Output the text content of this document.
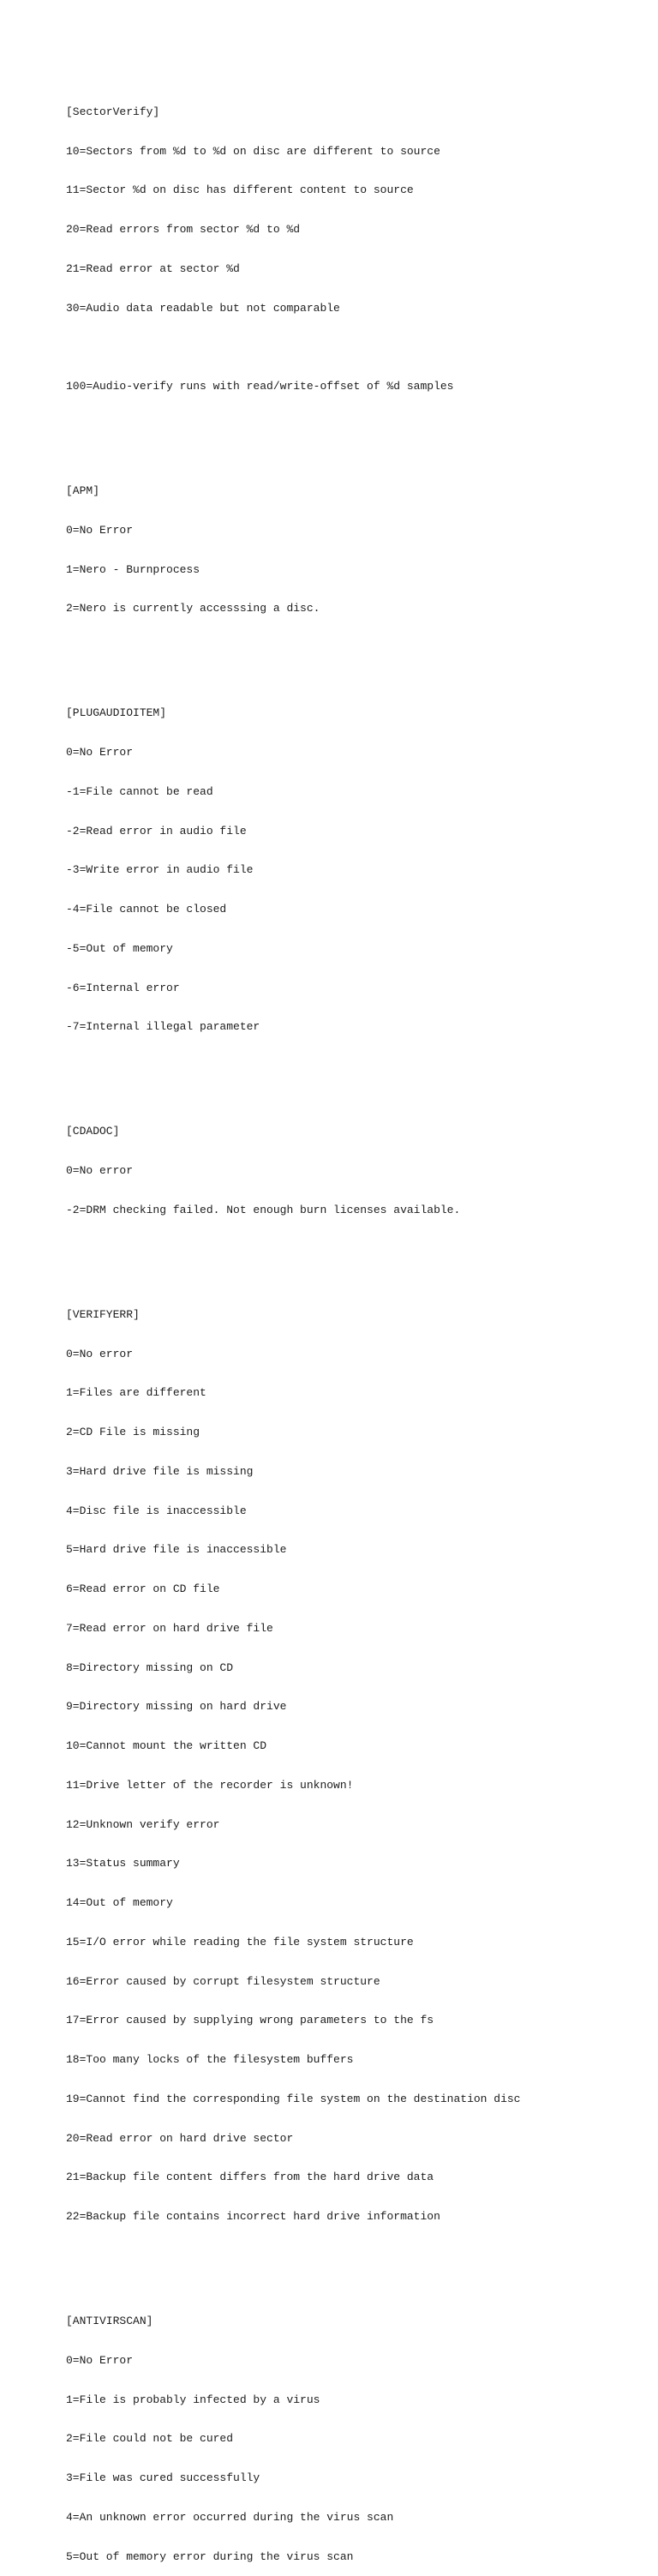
[SectorVerify]

10=Sectors from %d to %d on disc are different to source

11=Sector %d on disc has different content to source

20=Read errors from sector %d to %d

21=Read error at sector %d

30=Audio data readable but not comparable

100=Audio-verify runs with read/write-offset of %d samples

[APM]

0=No Error

1=Nero - Burnprocess

2=Nero is currently accesssing a disc.

[PLUGAUDIOITEM]

0=No Error

-1=File cannot be read

-2=Read error in audio file

-3=Write error in audio file

-4=File cannot be closed

-5=Out of memory

-6=Internal error

-7=Internal illegal parameter

[CDADOC]

0=No error

-2=DRM checking failed. Not enough burn licenses available.

[VERIFYERR]

0=No error

1=Files are different

2=CD File is missing

3=Hard drive file is missing

4=Disc file is inaccessible

5=Hard drive file is inaccessible

6=Read error on CD file

7=Read error on hard drive file

8=Directory missing on CD

9=Directory missing on hard drive

10=Cannot mount the written CD

11=Drive letter of the recorder is unknown!

12=Unknown verify error

13=Status summary

14=Out of memory

15=I/O error while reading the file system structure

16=Error caused by corrupt filesystem structure

17=Error caused by supplying wrong parameters to the fs

18=Too many locks of the filesystem buffers

19=Cannot find the corresponding file system on the destination disc

20=Read error on hard drive sector

21=Backup file content differs from the hard drive data

22=Backup file contains incorrect hard drive information

[ANTIVIRSCAN]

0=No Error

1=File is probably infected by a virus

2=File could not be cured

3=File was cured successfully

4=An unknown error occurred during the virus scan

5=Out of memory error during the virus scan
